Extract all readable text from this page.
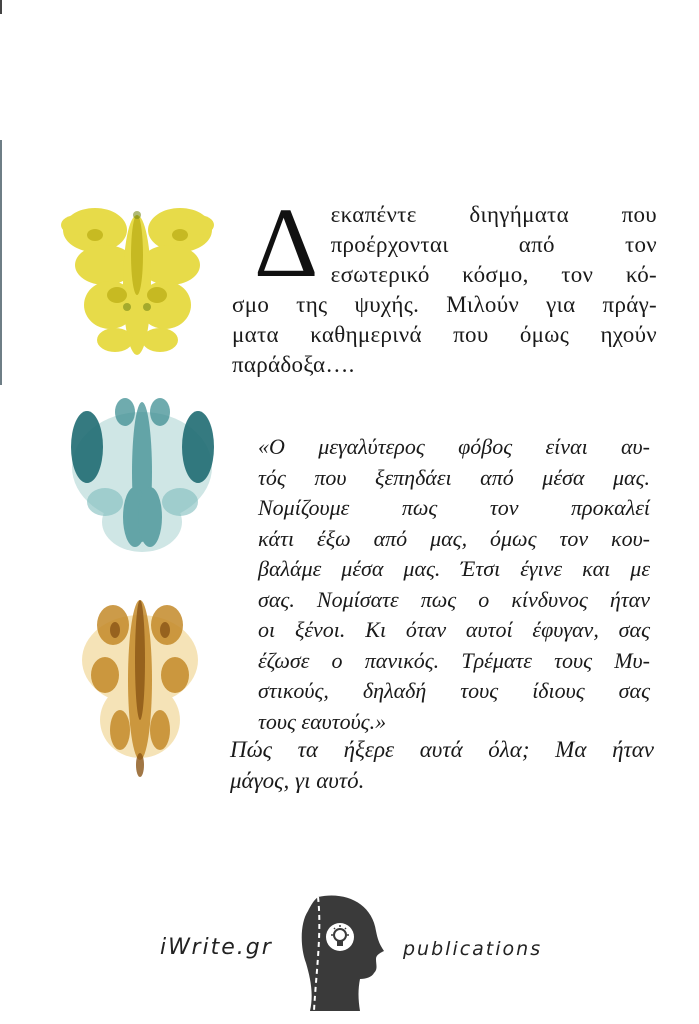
Δ εκαπέντε διηγήματα που
προέρχονται από τον
εσωτερικό κόσμο, τον κό-
σμο της ψυχής. Μιλούν για πράγ-
ματα καθημερινά που όμως ηχούν
παράδοξα….
«Ο μεγαλύτερος φόβος είναι αυ-
τός που ξεπηδάει από μέσα μας.
Νομίζουμε πως τον προκαλεί
κάτι έξω από μας, όμως τον κου-
βαλάμε μέσα μας. Έτσι έγινε και με
σας. Νομίσατε πως ο κίνδυνος ήταν
οι ξένοι. Κι όταν αυτοί έφυγαν, σας
έζωσε ο πανικός. Τρέματε τους Μυ-
στικούς, δηλαδή τους ίδιους σας
τους εαυτούς.»
Πώς τα ήξερε αυτά όλα; Μα ήταν
μάγος, γι αυτό.
iWrite.gr	publications
